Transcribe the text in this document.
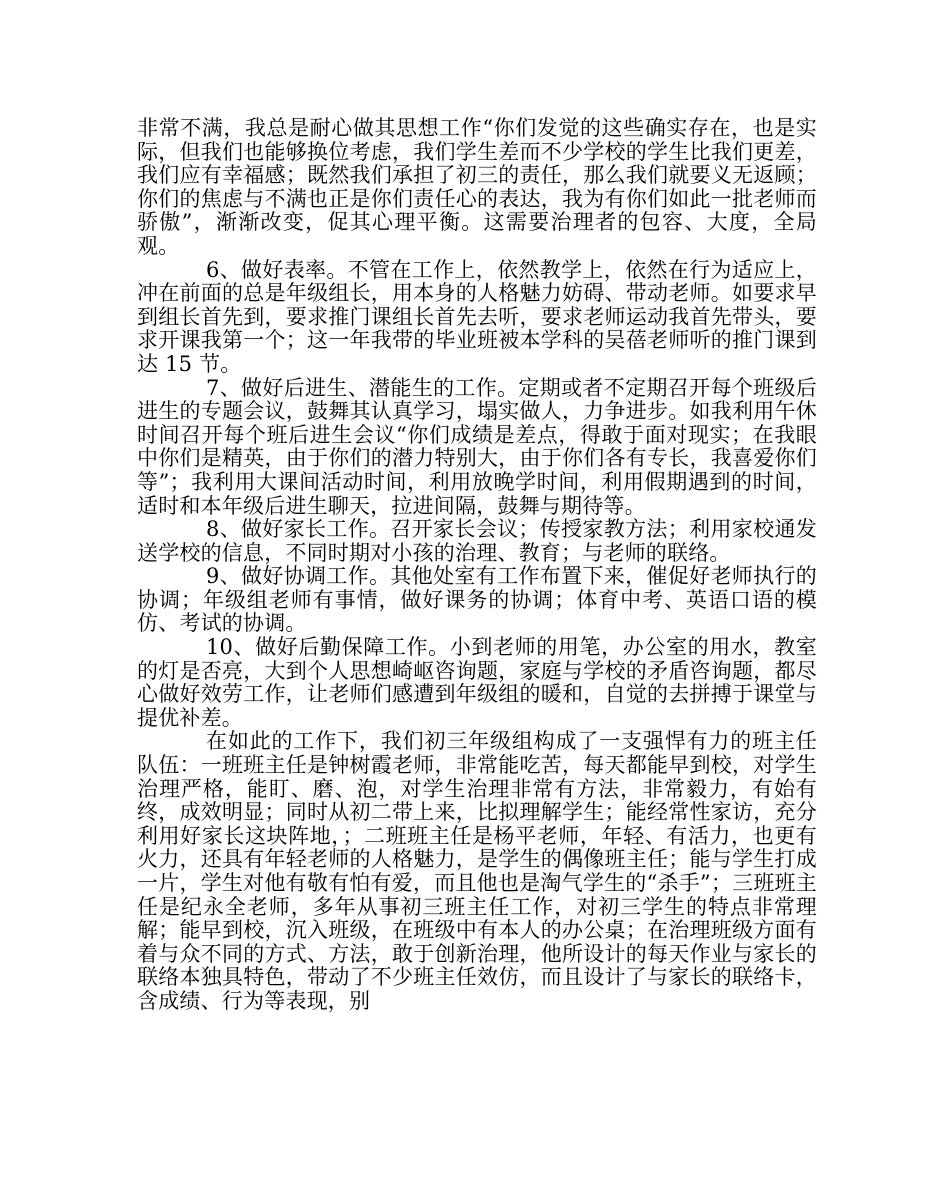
非常不满，我总是耐心做其思想工作“你们发觉的这些确实存在，也是实际，但我们也能够换位考虑，我们学生差而不少学校的学生比我们更差，我们应有幸福感；既然我们承担了初三的责任，那么我们就要义无返顾；你们的焦虑与不满也正是你们责任心的表达，我为有你们如此一批老师而骄傲”，渐渐改变，促其心理平衡。这需要治理者的包容、大度，全局观。

6、做好表率。不管在工作上，依然教学上，依然在行为适应上，冲在前面的总是年级组长，用本身的人格魅力妨碍、带动老师。如要求早到组长首先到，要求推门课组长首先去听，要求老师运动我首先带头，要求开课我第一个；这一年我带的毕业班被本学科的吴蓓老师听的推门课到达 15 节。

7、做好后进生、潜能生的工作。定期或者不定期召开每个班级后进生的专题会议，鼓舞其认真学习，塌实做人，力争进步。如我利用午休时间召开每个班后进生会议“你们成绩是差点，得敢于面对现实；在我眼中你们是精英，由于你们的潜力特别大，由于你们各有专长，我喜爱你们等”；我利用大课间活动时间，利用放晚学时间，利用假期遇到的时间，适时和本年级后进生聊天，拉进间隔，鼓舞与期待等。

8、做好家长工作。召开家长会议；传授家教方法；利用家校通发送学校的信息，不同时期对小孩的治理、教育；与老师的联络。

9、做好协调工作。其他处室有工作布置下来，催促好老师执行的协调；年级组老师有事情，做好课务的协调；体育中考、英语口语的模仿、考试的协调。

10、做好后勤保障工作。小到老师的用笔，办公室的用水，教室的灯是否亮，大到个人思想崎岖咨询题，家庭与学校的矛盾咨询题，都尽心做好效劳工作，让老师们感遭到年级组的暖和，自觉的去拼搏于课堂与提优补差。

在如此的工作下，我们初三年级组构成了一支强悍有力的班主任队伍：一班班主任是钟树霞老师，非常能吃苦，每天都能早到校，对学生治理严格，能盯、磨、泡，对学生治理非常有方法，非常毅力，有始有终，成效明显；同时从初二带上来，比拟理解学生；能经常性家访，充分利用好家长这块阵地，；二班班主任是杨平老师，年轻、有活力，也更有火力，还具有年轻老师的人格魅力，是学生的偶像班主任；能与学生打成一片，学生对他有敬有怕有爱，而且他也是淘气学生的“杀手”；三班班主任是纪永全老师，多年从事初三班主任工作，对初三学生的特点非常理解；能早到校，沉入班级，在班级中有本人的办公桌；在治理班级方面有着与众不同的方式、方法，敢于创新治理，他所设计的每天作业与家长的联络本独具特色，带动了不少班主任效仿，而且设计了与家长的联络卡，含成绩、行为等表现，别
